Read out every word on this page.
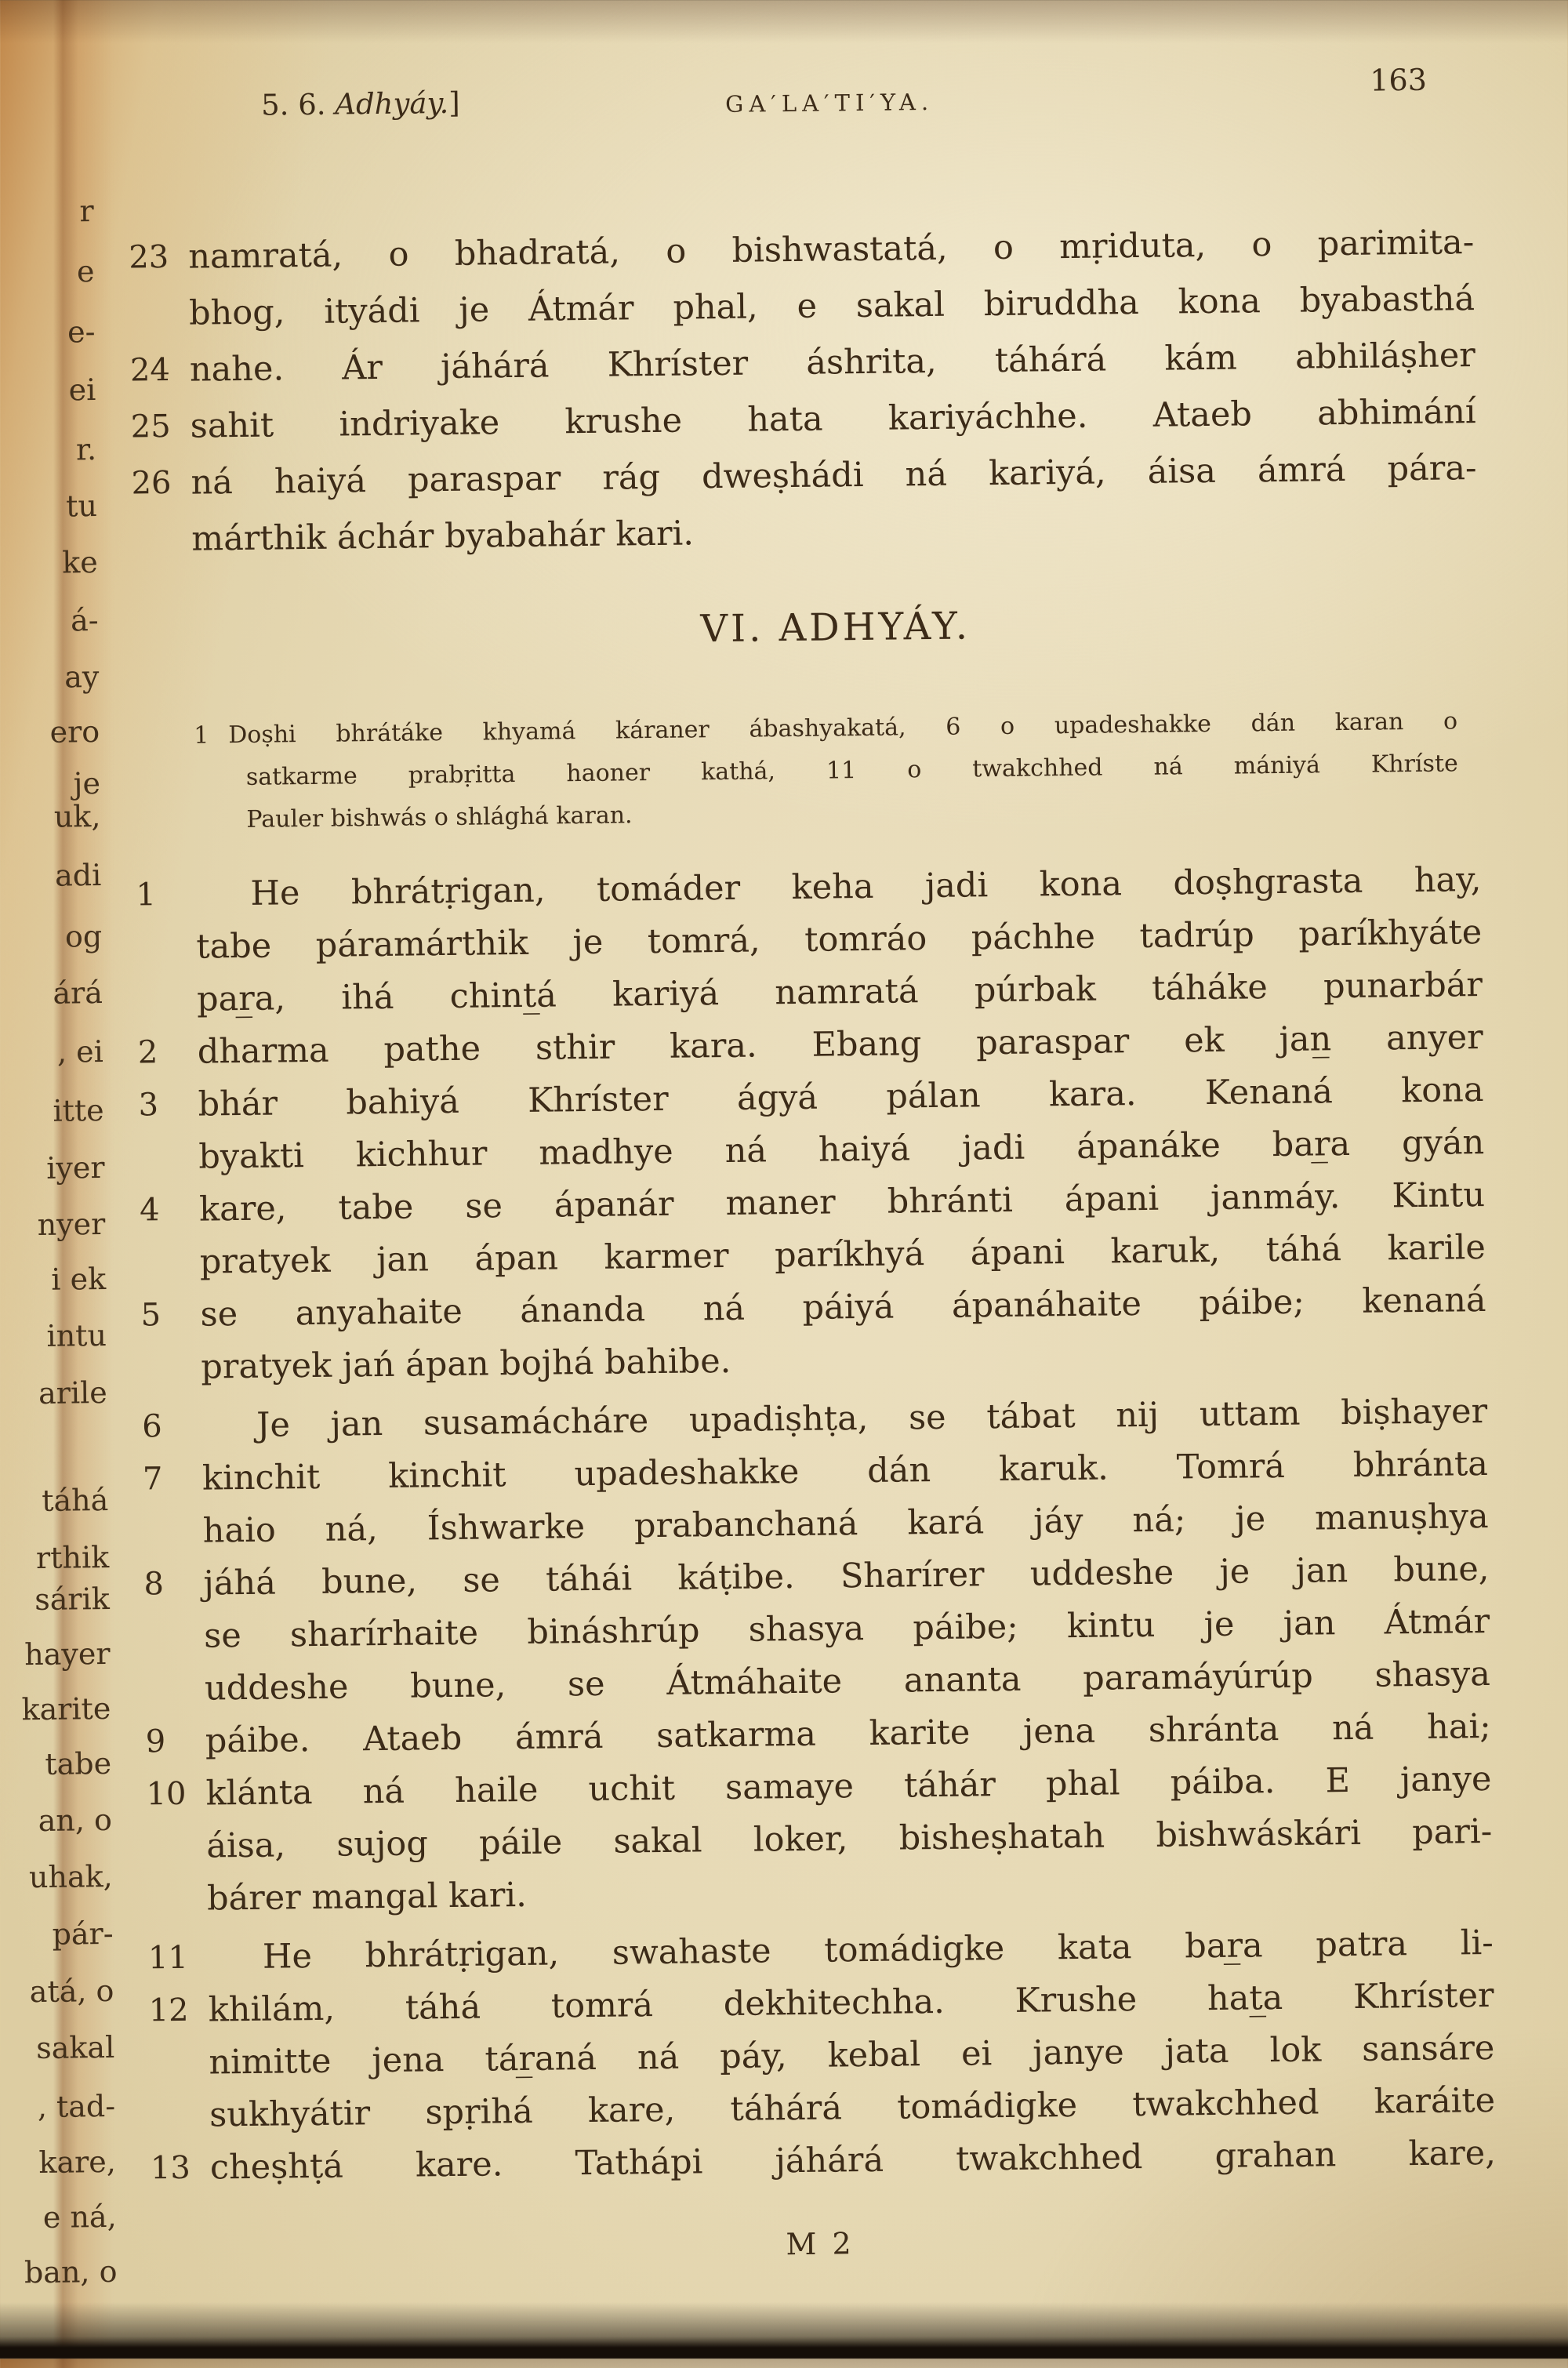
r
e
e-
ei
r.
tu
ke
á-
ay
ero
je
uk,
adi
og
árá
, ei
itte
iyer
nyer
i ek
intu
arile
táhá
rthik
sárik
hayer
karite
tabe
an, o
uhak,
pár-
atá, o
sakal
, tad-
kare,
e ná,
ban, o
5. 6. Adhyáy.]	GA′LA′TI′YA.
163
23 namratá, o bhadratá, o bishwastatá, o mṛiduta, o parimita-
bhog, ityádi je Átmár phal, e sakal biruddha kona byabasthá
24 nahe. Ár jáhárá Khríster áshrita, táhárá kám abhiláṣher
25 sahit indriyake krushe hata kariyáchhe. Ataeb abhimání
26 ná haiyá paraspar rág dweṣhádi ná kariyá, áisa ámrá pára-
márthik áchár byabahár kari.
VI. ADHYÁY.
1 Doṣhi bhrátáke khyamá káraner ábashyakatá, 6 o upadeshakke dán karan o
satkarme prabṛitta haoner kathá, 11 o twakchhed ná mániyá Khríste
Pauler bishwás o shlághá karan.
1	He bhrátṛigan, tomáder keha jadi kona doṣhgrasta hay,
tabe páramárthik je tomrá, tomráo páchhe tadrúp paríkhyáte
par̲a, ihá chint̲á kariyá namratá púrbak táháke punarbár
2	dharma pathe sthir kara. Ebang paraspar ek jan̲ anyer
3	bhár bahiyá Khríster ágyá pálan kara. Kenaná kona
byakti kichhur madhye ná haiyá jadi ápanáke bar̲a gyán
4	kare, tabe se ápanár maner bhránti ápani janmáy. Kintu
pratyek jan ápan karmer paríkhyá ápani karuk, táhá karile
5	se anyahaite ánanda ná páiyá ápanáhaite páibe; kenaná
pratyek jań ápan bojhá bahibe.
6	Je jan susamácháre upadiṣhṭa, se tábat nij uttam biṣhayer
7	kinchit kinchit upadeshakke dán karuk. Tomrá bhránta
haio ná, Íshwarke prabanchaná kará jáy ná; je manuṣhya
8	jáhá bune, se táhái káṭibe. Sharírer uddeshe je jan bune,
se sharírhaite bináshrúp shasya páibe; kintu je jan Átmár
uddeshe bune, se Átmáhaite ananta paramáyúrúp shasya
9	páibe. Ataeb ámrá satkarma karite jena shránta ná hai;
10 klánta ná haile uchit samaye táhár phal páiba. E janye
áisa, sujog páile sakal loker, bisheṣhatah bishwáskári pari-
bárer mangal kari.
11 He bhrátṛigan, swahaste tomádigke kata bar̲a patra li-
12 khilám, táhá tomrá dekhitechha. Krushe hat̲a Khríster
nimitte jena tár̲aná ná páy, kebal ei janye jata lok sansáre
sukhyátir spṛihá kare, táhárá tomádigke twakchhed karáite
13 cheṣhṭá kare. Tathápi jáhárá twakchhed grahan kare,
M 2
